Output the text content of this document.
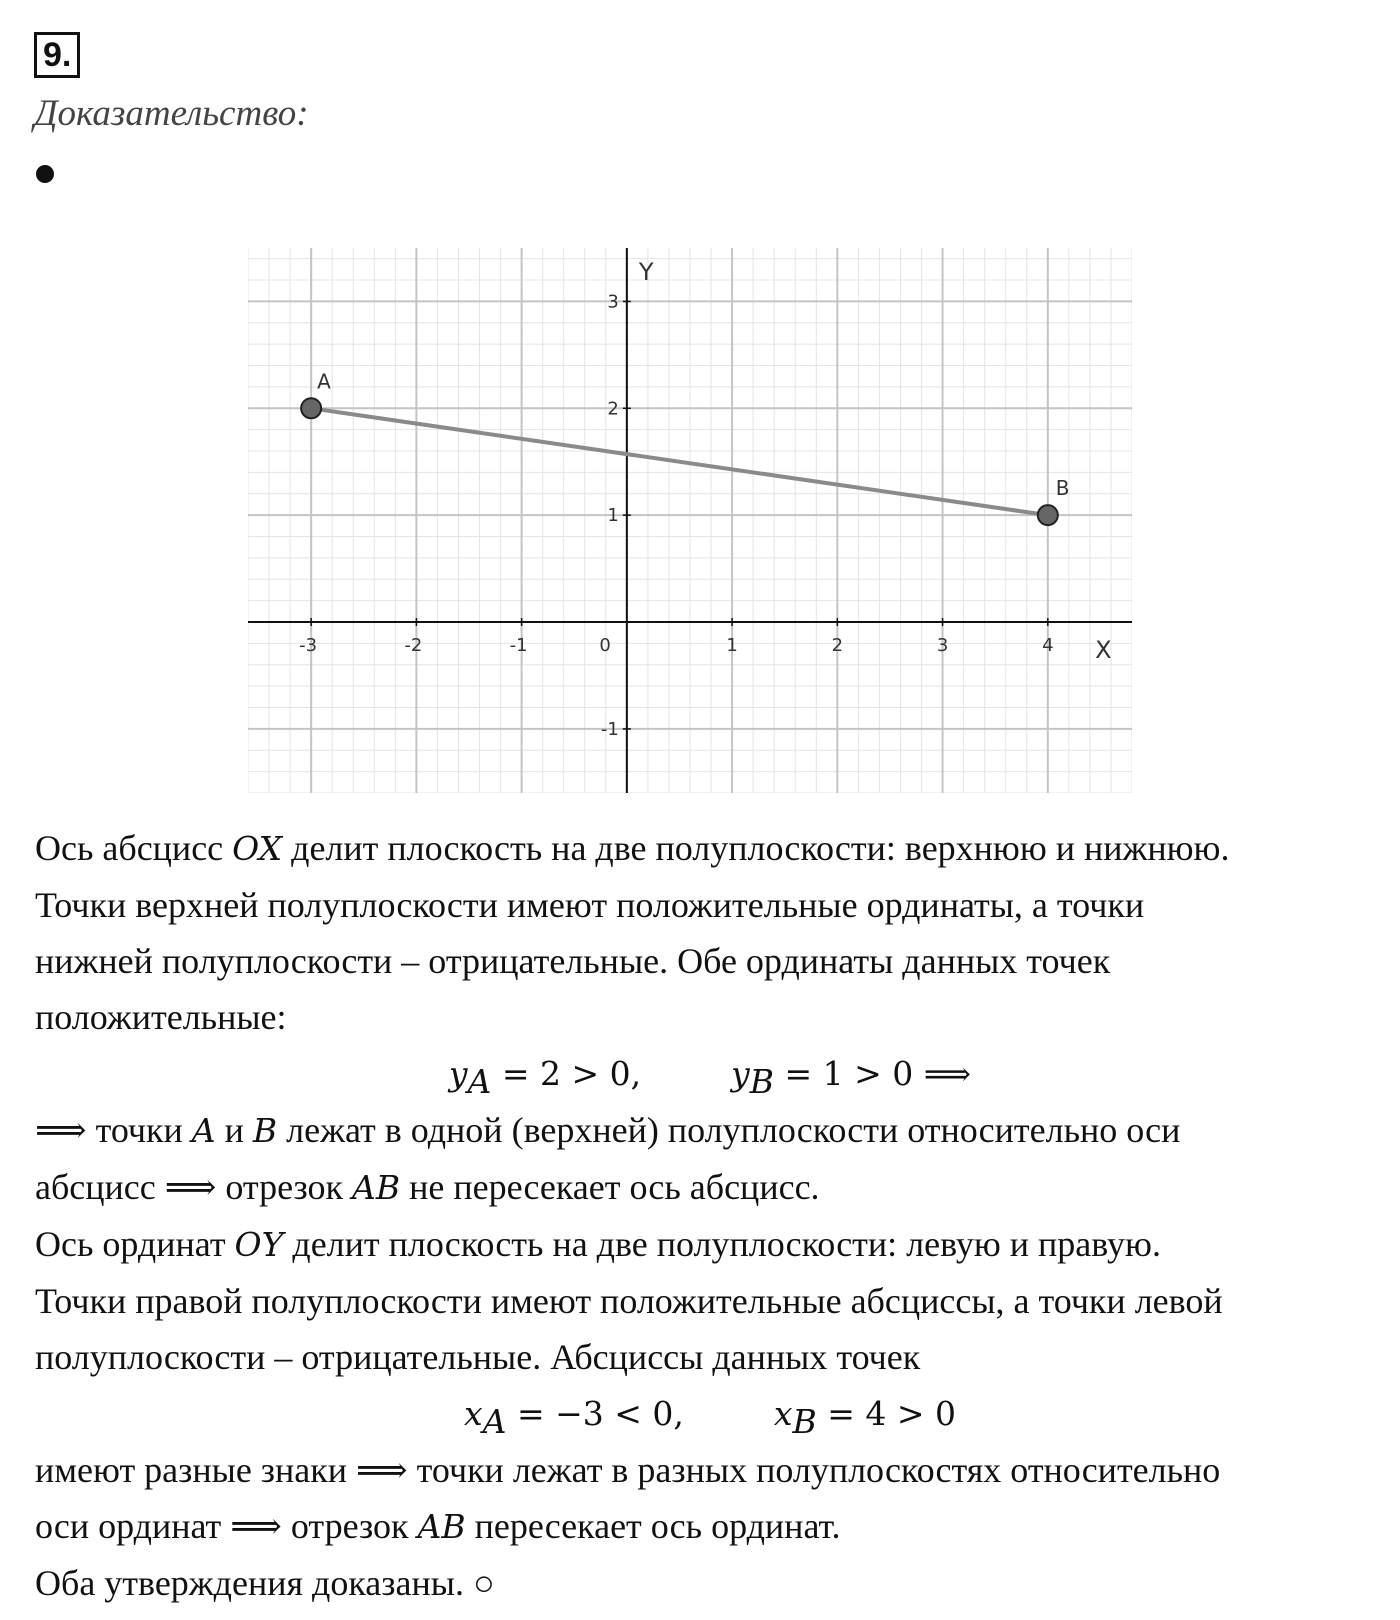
9.
Доказательство:
A
B
X
Y
0
-3	-2	-1	1	2	3	4
3
2
1
-1

Ось абсцисс OX делит плоскость на две полуплоскости: верхнюю и нижнюю.

Точки верхней полуплоскости имеют положительные ординаты, а точки

нижней полуплоскости – отрицательные. Обе ординаты данных точек

положительные:

$y_A = 2 > 0$,	$y_B = 1 > 0$ ⟹

⟹ точки A и B лежат в одной (верхней) полуплоскости относительно оси

абсцисс ⟹ отрезок AB не пересекает ось абсцисс.

Ось ординат OY делит плоскость на две полуплоскости: левую и правую.

Точки правой полуплоскости имеют положительные абсциссы, а точки левой

полуплоскости – отрицательные. Абсциссы данных точек

$x_A = -3 < 0$,	$x_B = 4 > 0$

имеют разные знаки ⟹ точки лежат в разных полуплоскостях относительно

оси ординат ⟹ отрезок AB пересекает ось ординат.

Оба утверждения доказаны. ○
